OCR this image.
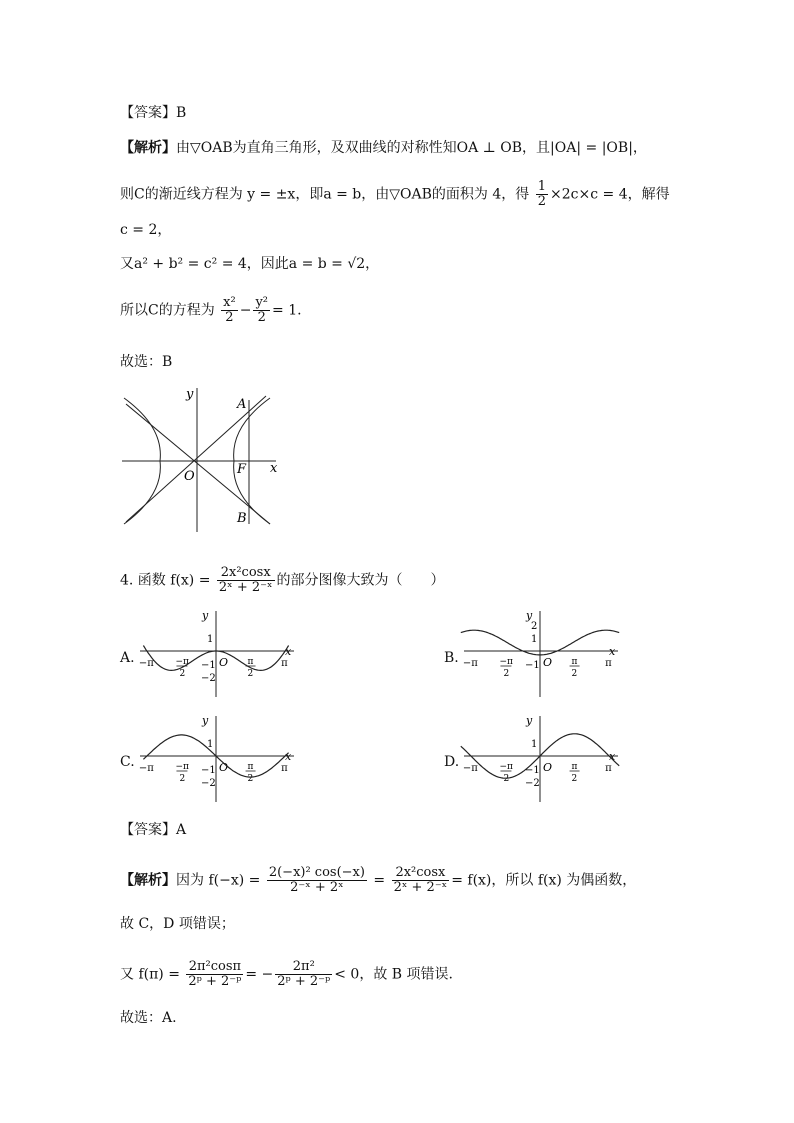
【答案】B
【解析】由▽OAB为直角三角形，及双曲线的对称性知OA ⊥ OB，且|OA| = |OB|，
则C的渐近线方程为 y = ±x，即a = b，由▽OAB的面积为 4，得 $\frac{1}{2} \times 2c\times c = 4$，解得
c = 2，
又a² + b² = c² = 4，因此a = b = √2，
所以C的方程为 $\frac{\text{x²}}{2} - \frac{\text{y²}}{2} = 1$.
故选：B
y
x
O
A
B
F
4. 函数 $f(x) = \frac{\text{2x²cosx}}{\text{2ˣ + 2⁻ˣ}}$ 的部分图像大致为（　　）
A.	x
y
−π −π
2
O π
2
π
1
−1
−2
B.	x
y
−π −π
2
O π
2
π
2
1
−1
C.	x
y
−π −π
2
O π
2
π
1
−1
−2
D.	x
y
−π −π
2
O π
2
π
1
−1
−2
【答案】A
【解析】因为 $f(-x) = \frac{\text{2(−x)² cos(−x)}}{\text{2⁻ˣ + 2ˣ}} = \frac{\text{2x²cosx}}{\text{2ˣ + 2⁻ˣ}} = f(x)$，所以 f(x) 为偶函数，
故 C，D 项错误；
又 $f(\pi) = \frac{\text{2π²cosπ}}{\text{2ᵖ + 2⁻ᵖ}}$ = − $\frac{\text{2π²}}{\text{2ᵖ + 2⁻ᵖ}} < 0$，故 B 项错误.
故选：A.
